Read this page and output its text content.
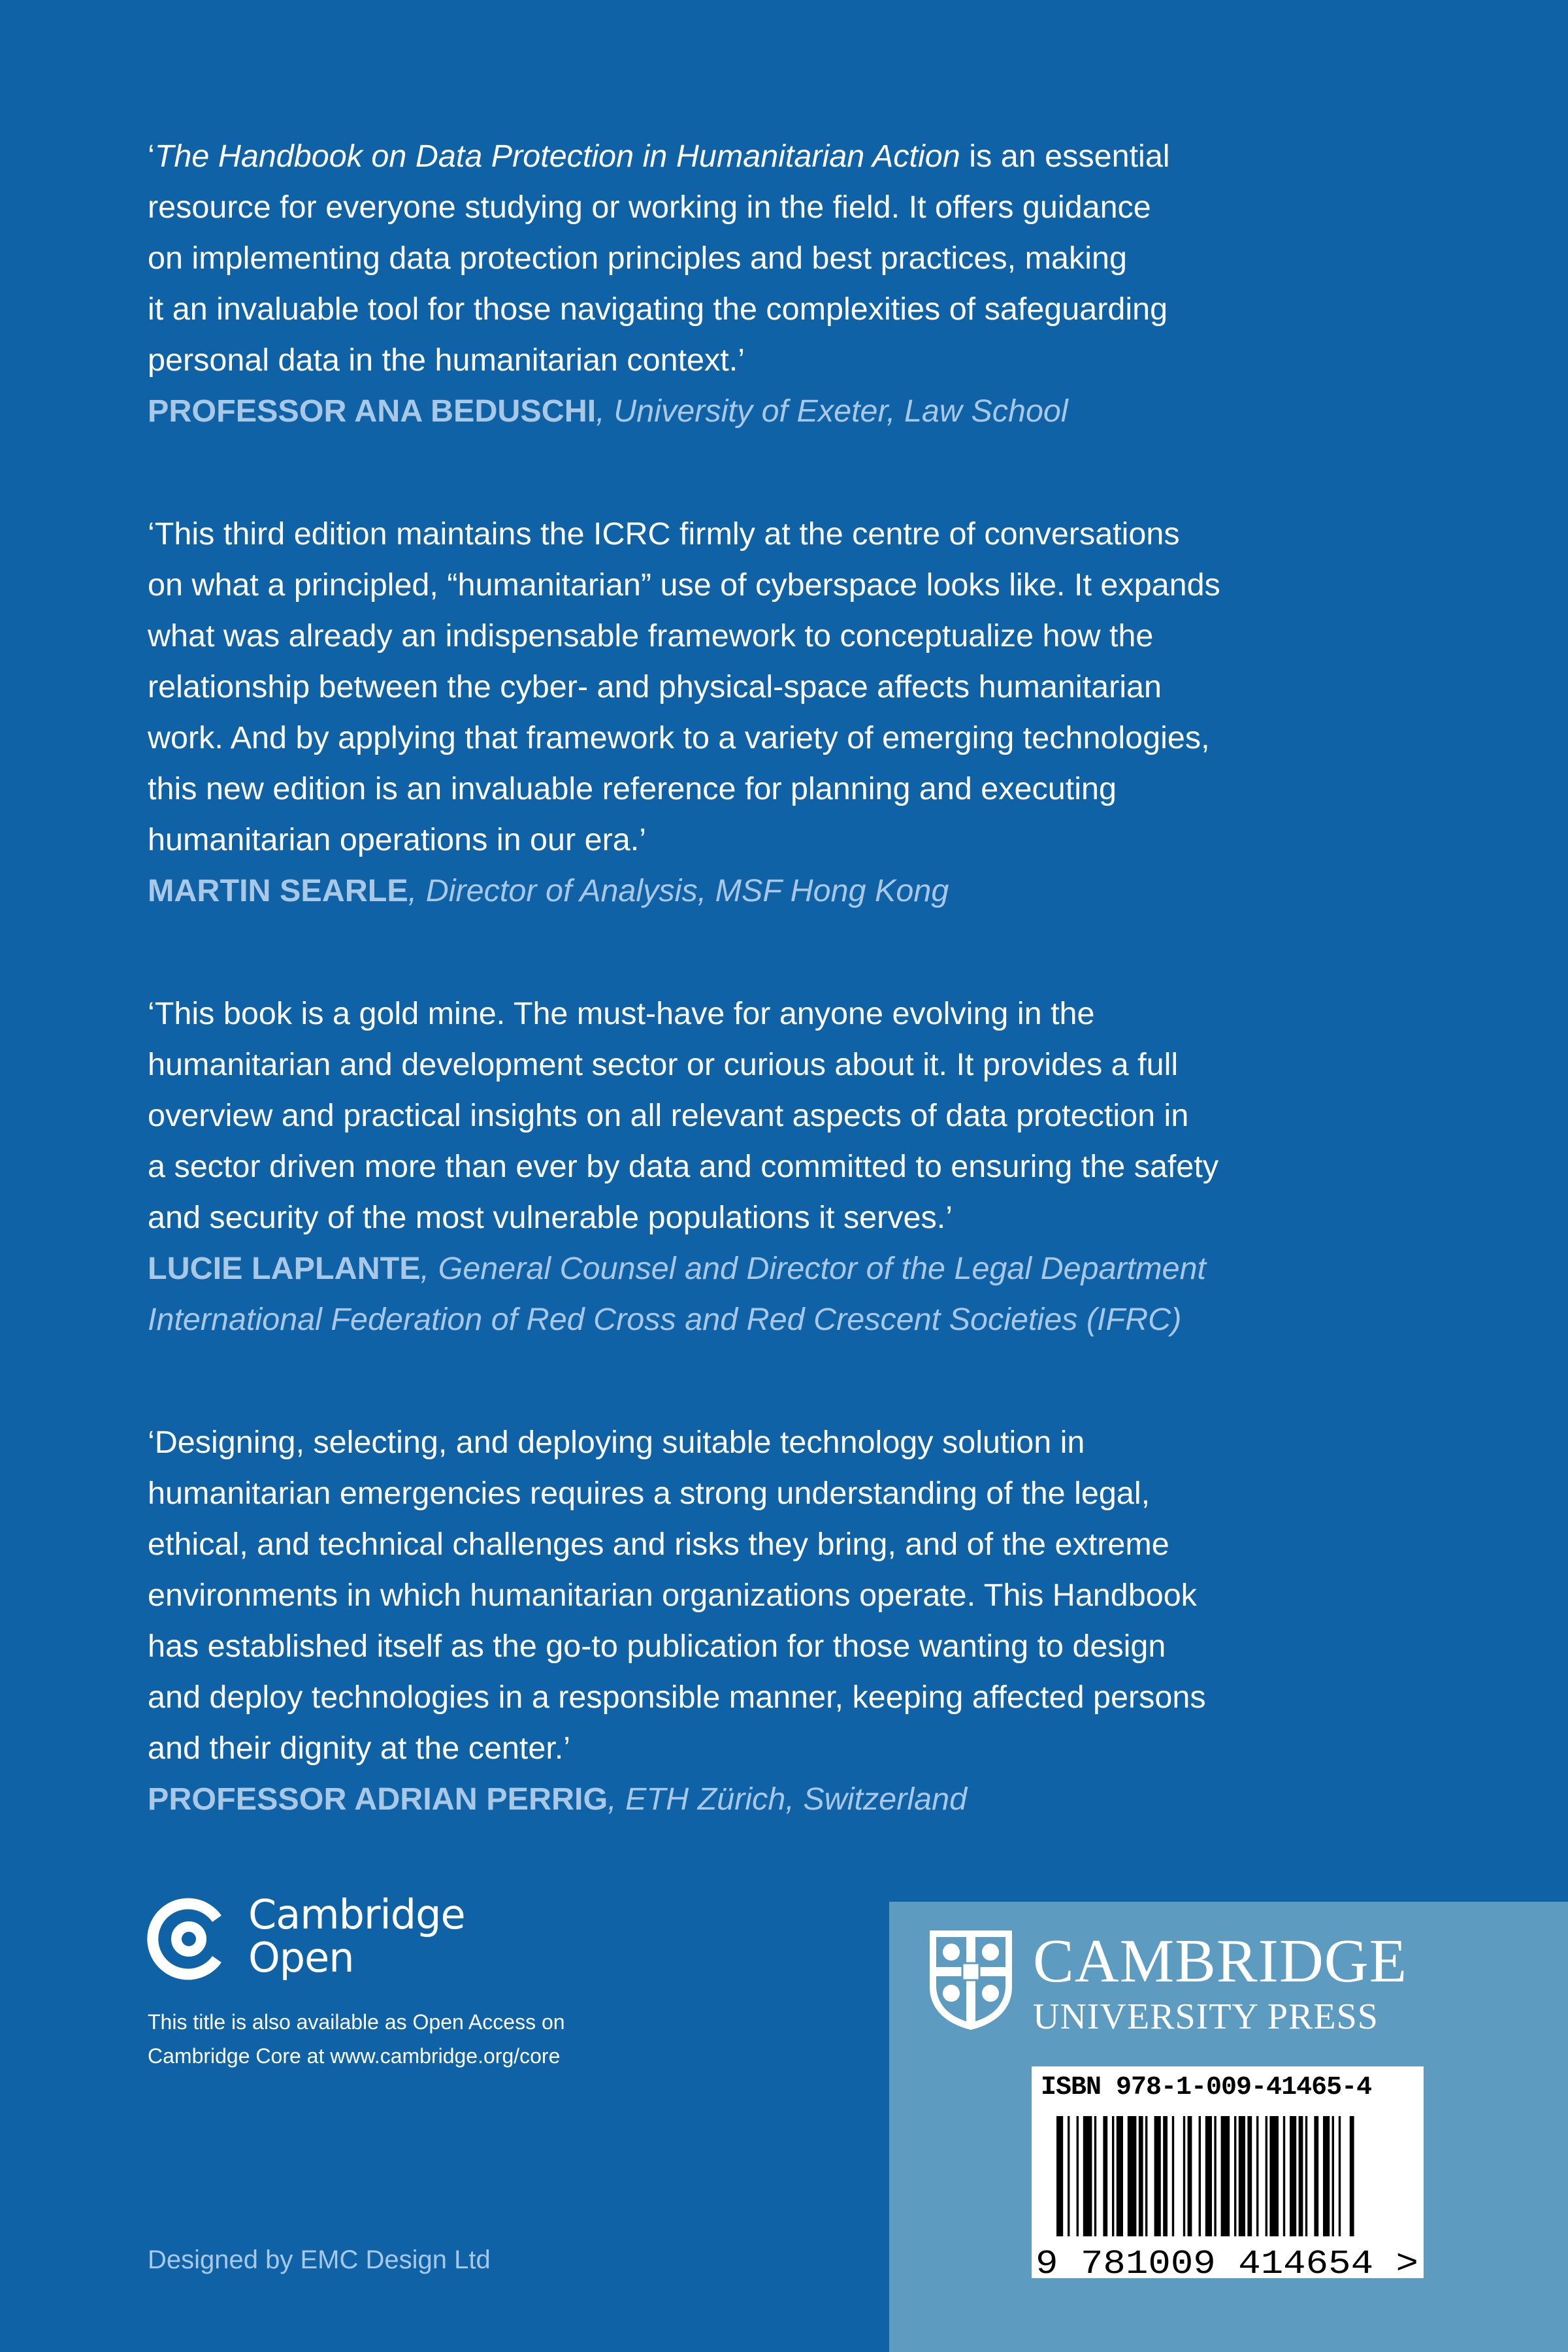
‘The Handbook on Data Protection in Humanitarian Action is an essential
resource for everyone studying or working in the field. It offers guidance
on implementing data protection principles and best practices, making
it an invaluable tool for those navigating the complexities of safeguarding
personal data in the humanitarian context.’

PROFESSOR ANA BEDUSCHI, University of Exeter, Law School

‘This third edition maintains the ICRC firmly at the centre of conversations
on what a principled, “humanitarian” use of cyberspace looks like. It expands
what was already an indispensable framework to conceptualize how the
relationship between the cyber- and physical-space affects humanitarian
work. And by applying that framework to a variety of emerging technologies,
this new edition is an invaluable reference for planning and executing
humanitarian operations in our era.’

MARTIN SEARLE, Director of Analysis, MSF Hong Kong

‘This book is a gold mine. The must-have for anyone evolving in the
humanitarian and development sector or curious about it. It provides a full
overview and practical insights on all relevant aspects of data protection in
a sector driven more than ever by data and committed to ensuring the safety
and security of the most vulnerable populations it serves.’

LUCIE LAPLANTE, General Counsel and Director of the Legal Department
International Federation of Red Cross and Red Crescent Societies (IFRC)

‘Designing, selecting, and deploying suitable technology solution in
humanitarian emergencies requires a strong understanding of the legal,
ethical, and technical challenges and risks they bring, and of the extreme
environments in which humanitarian organizations operate. This Handbook
has established itself as the go-to publication for those wanting to design
and deploy technologies in a responsible manner, keeping affected persons
and their dignity at the center.’

PROFESSOR ADRIAN PERRIG, ETH Zürich, Switzerland

Cambridge
Open
This title is also available as Open Access on
Cambridge Core at www.cambridge.org/core
Designed by EMC Design Ltd
CAMBRIDGE
UNIVERSITY PRESS
ISBN 978-1-009-41465-4
9 781009 414654 >
